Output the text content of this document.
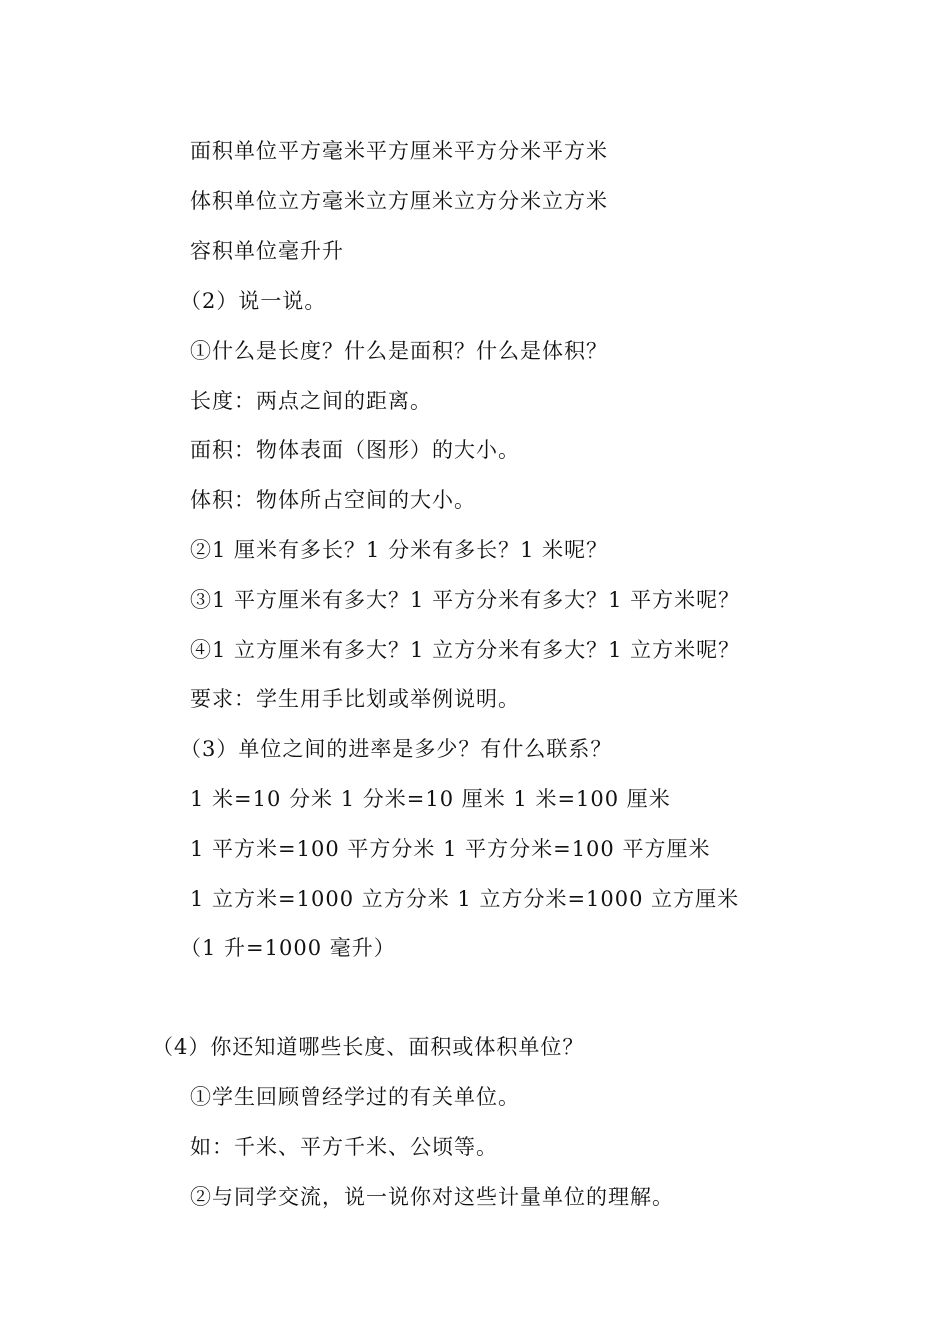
面积单位平方毫米平方厘米平方分米平方米
体积单位立方毫米立方厘米立方分米立方米
容积单位毫升升
（2）说一说。
①什么是长度？什么是面积？什么是体积？
长度：两点之间的距离。
面积：物体表面（图形）的大小。
体积：物体所占空间的大小。
②1 厘米有多长？1 分米有多长？1 米呢？
③1 平方厘米有多大？1 平方分米有多大？1 平方米呢？
④1 立方厘米有多大？1 立方分米有多大？1 立方米呢？
要求：学生用手比划或举例说明。
（3）单位之间的进率是多少？有什么联系？
1 米=10 分米 1 分米=10 厘米 1 米=100 厘米
1 平方米=100 平方分米 1 平方分米=100 平方厘米
1 立方米=1000 立方分米 1 立方分米=1000 立方厘米
（1 升=1000 毫升）
（4）你还知道哪些长度、面积或体积单位？
①学生回顾曾经学过的有关单位。
如：千米、平方千米、公顷等。
②与同学交流，说一说你对这些计量单位的理解。
